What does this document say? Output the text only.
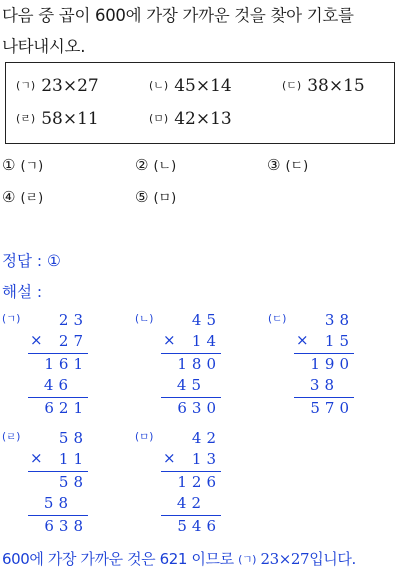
다음 중 곱이 600에 가장 가까운 것을 찾아 기호를
나타내시오.
(ㄱ) 23×27	(ㄴ) 45×14	(ㄷ) 38×15
(ㄹ) 58×11	(ㅁ) 42×13
① (ㄱ)	② (ㄴ)	③ (ㄷ)
④ (ㄹ)	⑤ (ㅁ)
정답 : ①
해설 :
(ㄱ)	23
× 27
161
46
621
(ㄴ)	45
× 14
180
45
630
(ㄷ)	38
× 15
190
38
570
(ㄹ)	58
× 11
58
58
638
(ㅁ)	42
× 13
126
42
546
600에 가장 가까운 것은 621 이므로 (ㄱ) 23×27입니다.
